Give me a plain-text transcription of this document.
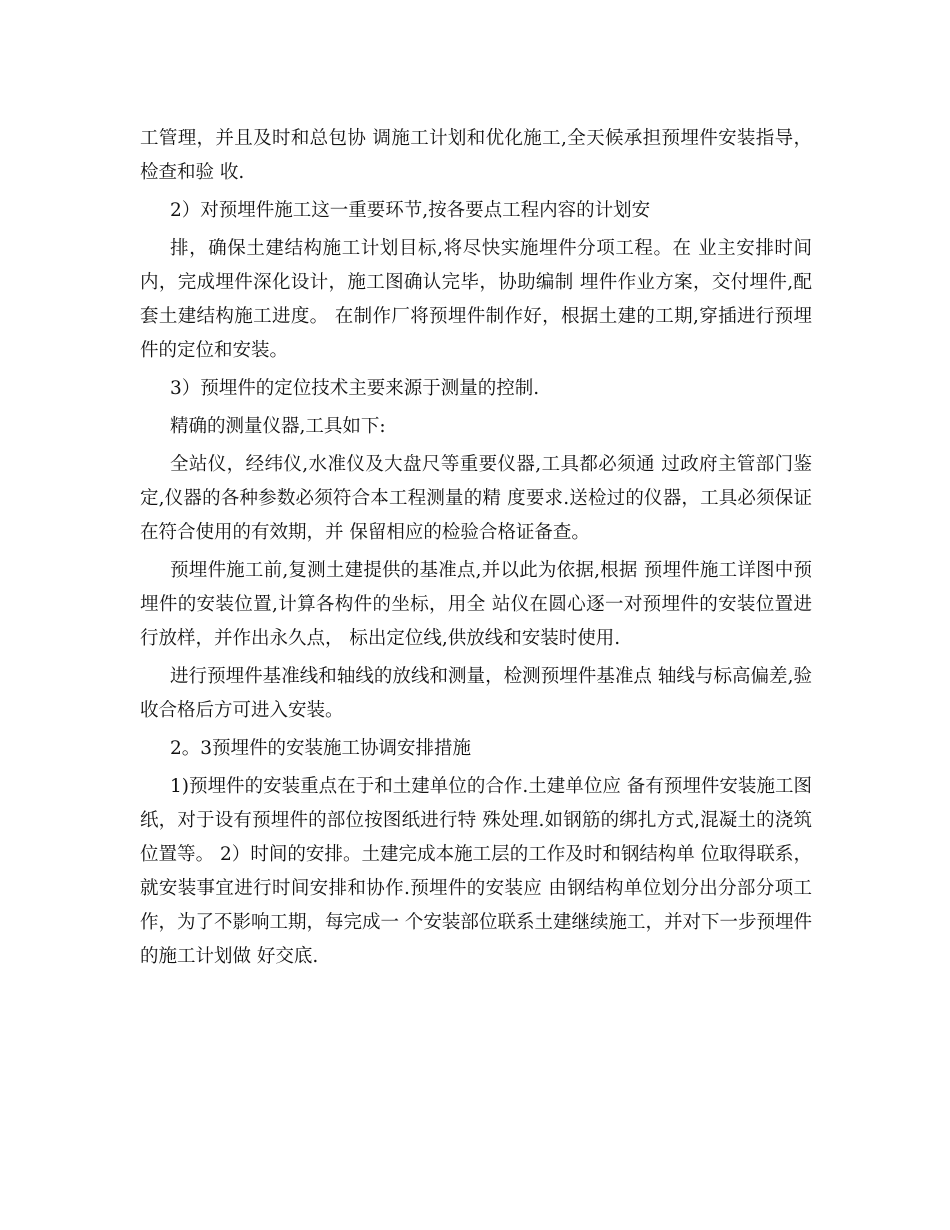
工管理，并且及时和总包协 调施工计划和优化施工,全天候承担预埋件安装指导，检查和验 收.

2）对预埋件施工这一重要环节,按各要点工程内容的计划安

排，确保土建结构施工计划目标,将尽快实施埋件分项工程。在 业主安排时间内，完成埋件深化设计，施工图确认完毕，协助编制 埋件作业方案，交付埋件,配套土建结构施工进度。 在制作厂将预埋件制作好，根据土建的工期,穿插进行预埋件的定位和安装。

3）预埋件的定位技术主要来源于测量的控制.

精确的测量仪器,工具如下:

全站仪，经纬仪,水准仪及大盘尺等重要仪器,工具都必须通 过政府主管部门鉴定,仪器的各种参数必须符合本工程测量的精 度要求.送检过的仪器，工具必须保证在符合使用的有效期，并 保留相应的检验合格证备查。

预埋件施工前,复测土建提供的基准点,并以此为依据,根据 预埋件施工详图中预埋件的安装位置,计算各构件的坐标，用全 站仪在圆心逐一对预埋件的安装位置进行放样，并作出永久点， 标出定位线,供放线和安装时使用.

进行预埋件基准线和轴线的放线和测量，检测预埋件基准点 轴线与标高偏差,验收合格后方可进入安装。

2。3预埋件的安装施工协调安排措施

1)预埋件的安装重点在于和土建单位的合作.土建单位应 备有预埋件安装施工图纸，对于设有预埋件的部位按图纸进行特 殊处理.如钢筋的绑扎方式,混凝土的浇筑位置等。 2）时间的安排。土建完成本施工层的工作及时和钢结构单 位取得联系，就安装事宜进行时间安排和协作.预埋件的安装应 由钢结构单位划分出分部分项工作，为了不影响工期，每完成一 个安装部位联系土建继续施工，并对下一步预埋件的施工计划做 好交底.
